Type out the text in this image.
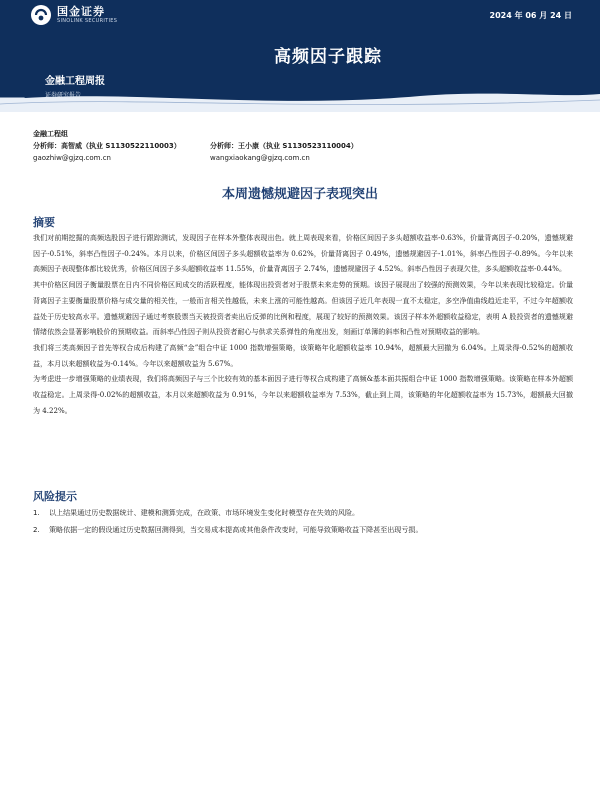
国金证券
SINOLINK SECURITIES
2024 年 06 月 24 日
高频因子跟踪
金融工程周报
证券研究报告
金融工程组
分析师：高智威（执业 S1130522110003）	分析师：王小康（执业 S1130523110004）
gaozhiw@gjzq.com.cn	wangxiaokang@gjzq.com.cn
本周遗憾规避因子表现突出
摘要

我们对前期挖掘的高频选股因子进行跟踪测试，发现因子在样本外整体表现出色。就上周表现来看，价格区间因子多头超额收益率-0.63%，价量背离因子-0.20%，遗憾规避因子-0.51%，斜率凸性因子-0.24%。本月以来，价格区间因子多头超额收益率为 0.62%，价量背离因子 0.49%，遗憾规避因子-1.01%，斜率凸性因子-0.89%。今年以来高频因子表现整体都比较优秀，价格区间因子多头超额收益率 11.55%，价量背离因子 2.74%，遗憾规避因子 4.52%。斜率凸性因子表现欠佳，多头超额收益率-0.44%。

其中价格区间因子衡量股票在日内不同价格区间成交的活跃程度，能体现出投资者对于股票未来走势的预期。该因子展现出了较强的预测效果，今年以来表现比较稳定。价量背离因子主要衡量股票价格与成交量的相关性，一般而言相关性越低，未来上涨的可能性越高。但该因子近几年表现一直不太稳定，多空净值曲线趋近走平，不过今年超额收益处于历史较高水平。遗憾规避因子通过考察股票当天被投资者卖出后反弹的比例和程度，展现了较好的预测效果。该因子样本外超额收益稳定，表明 A 股投资者的遗憾规避情绪依然会显著影响股价的预期收益。而斜率凸性因子则从投资者耐心与供求关系弹性的角度出发，刻画订单簿的斜率和凸性对预期收益的影响。

我们将三类高频因子首先等权合成后构建了高频“金”组合中证 1000 指数增强策略，该策略年化超额收益率 10.94%，超额最大回撤为 6.04%。上周录得-0.52%的超额收益，本月以来超额收益为-0.14%。今年以来超额收益为 5.67%。

为考虑进一步增强策略的业绩表现，我们将高频因子与三个比较有效的基本面因子进行等权合成构建了高频&基本面共振组合中证 1000 指数增强策略。该策略在样本外超额收益稳定。上周录得-0.02%的超额收益，本月以来超额收益为 0.91%，今年以来超额收益率为 7.53%，截止到上周，该策略的年化超额收益率为 15.73%，超额最大回撤为 4.22%。

风险提示
1.	以上结果通过历史数据统计、建模和测算完成，在政策、市场环境发生变化时模型存在失效的风险。
2.	策略依据一定的假设通过历史数据回测得到，当交易成本提高或其他条件改变时，可能导致策略收益下降甚至出现亏损。
